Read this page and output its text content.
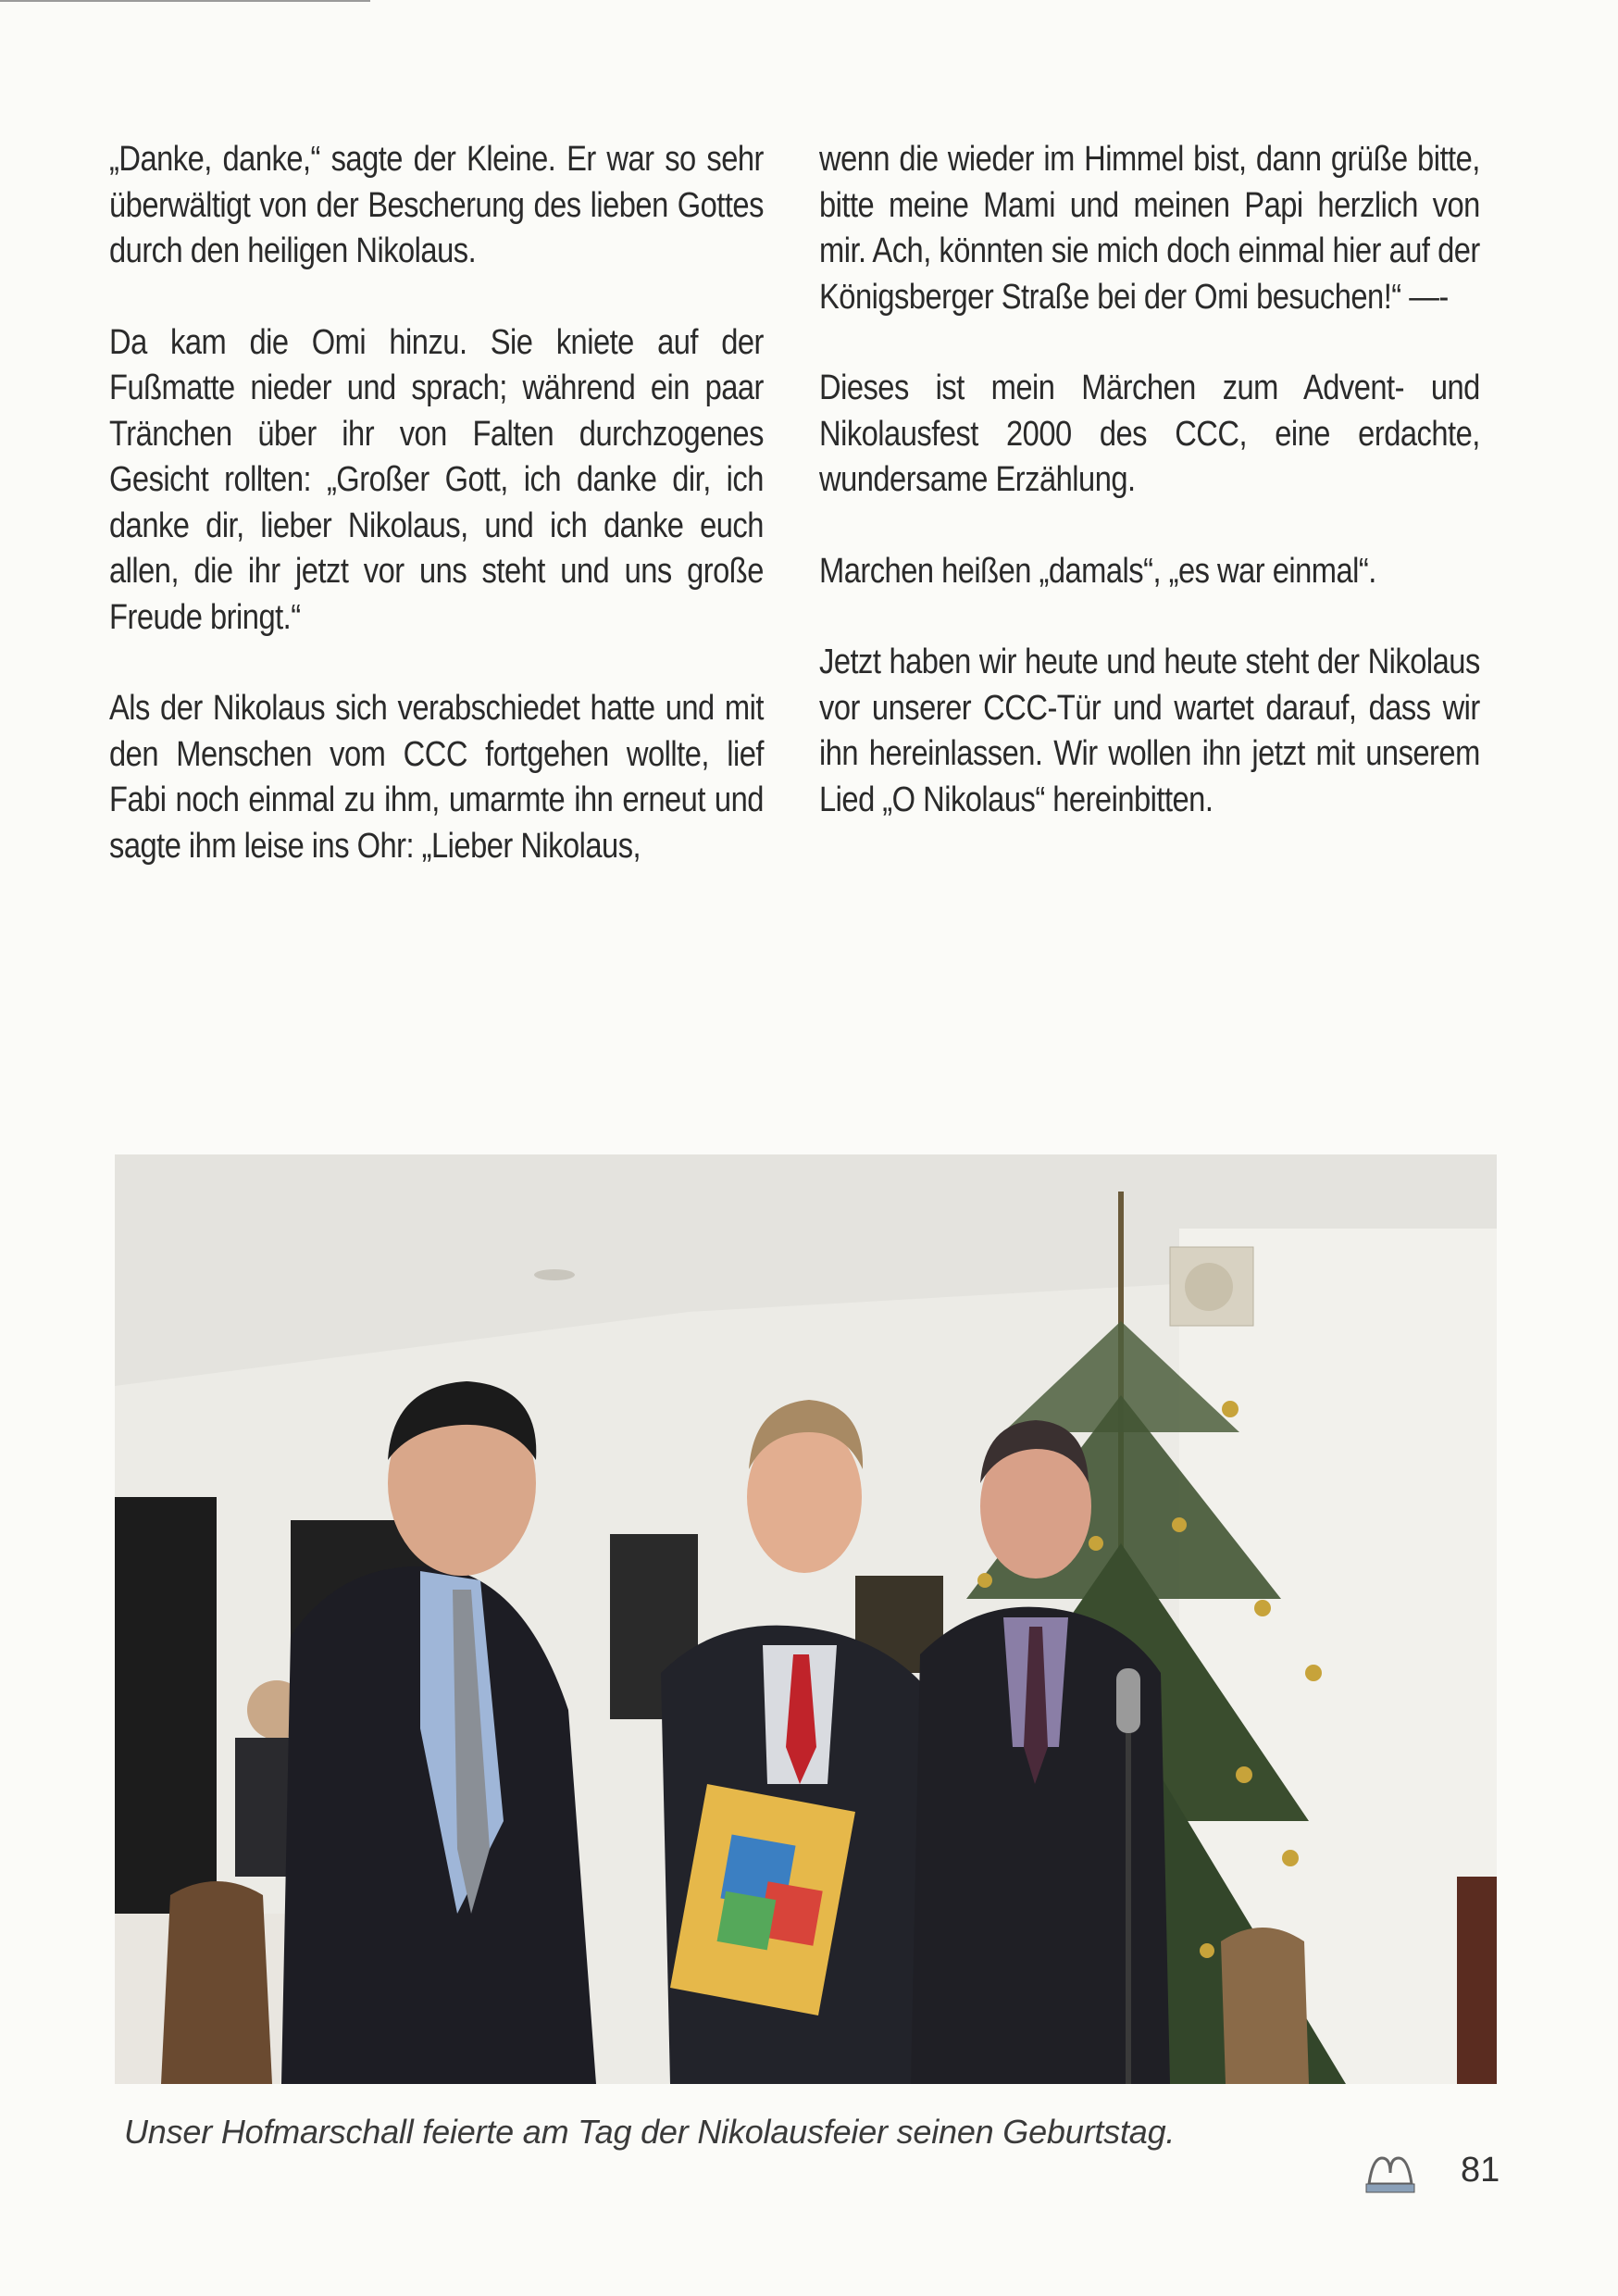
„Danke, danke,“ sagte der Kleine. Er war so sehr überwältigt von der Bescherung des lieben Gottes durch den heiligen Nikolaus.

Da kam die Omi hinzu. Sie kniete auf der Fußmatte nieder und sprach; während ein paar Tränchen über ihr von Falten durchzogenes Gesicht rollten: „Großer Gott, ich danke dir, ich danke dir, lieber Nikolaus, und ich danke euch allen, die ihr jetzt vor uns steht und uns große Freude bringt.“

Als der Nikolaus sich verabschiedet hatte und mit den Menschen vom CCC fortgehen wollte, lief Fabi noch einmal zu ihm, umarmte ihn erneut und sagte ihm leise ins Ohr: „Lieber Nikolaus,

wenn die wieder im Himmel bist, dann grüße bitte, bitte meine Mami und meinen Papi herzlich von mir. Ach, könnten sie mich doch einmal hier auf der Königsberger Straße bei der Omi besuchen!“ —-

Dieses ist mein Märchen zum Advent- und Nikolausfest 2000 des CCC, eine erdachte, wundersame Erzählung.

Marchen heißen „damals“, „es war einmal“.

Jetzt haben wir heute und heute steht der Nikolaus vor unserer CCC-Tür und wartet darauf, dass wir ihn hereinlassen. Wir wollen ihn jetzt mit unserem Lied „O Nikolaus“ hereinbitten.

Unser Hofmarschall feierte am Tag der Nikolausfeier seinen Geburtstag.
81
